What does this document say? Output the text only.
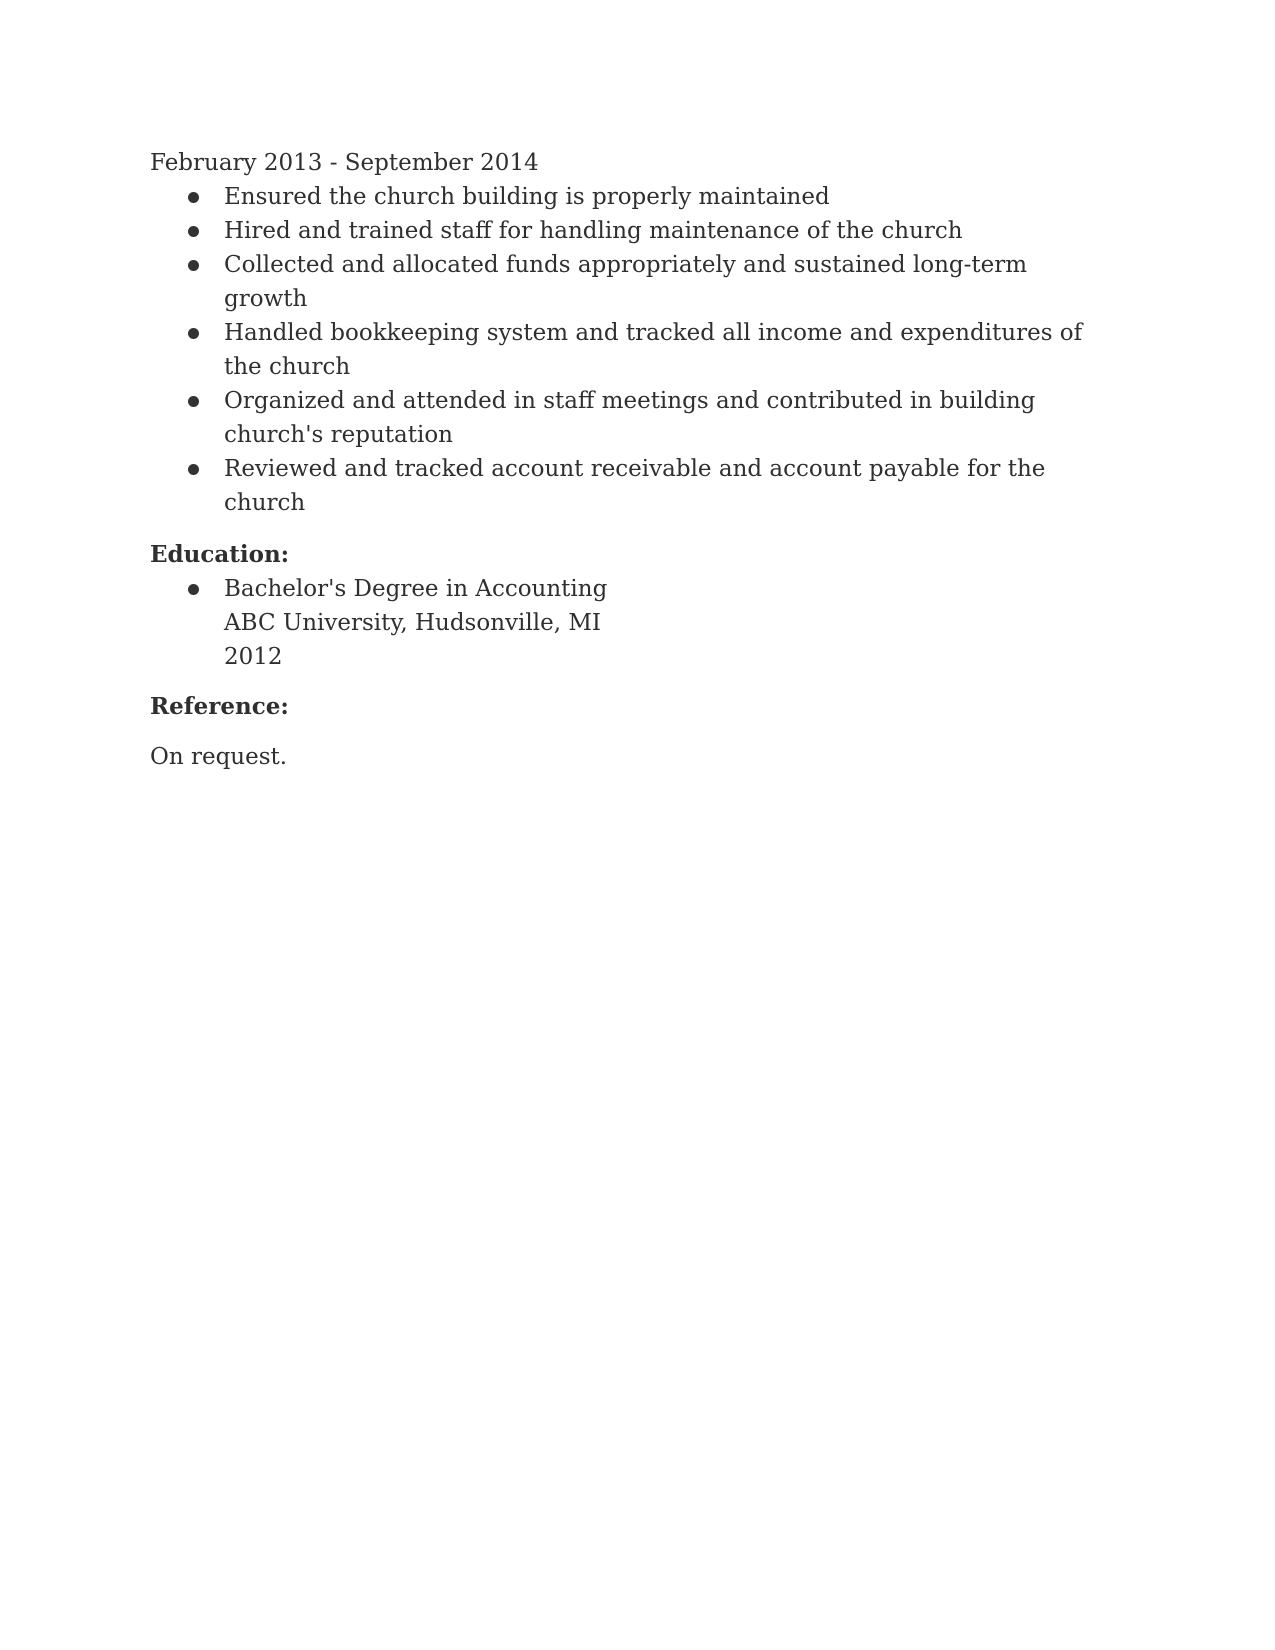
February 2013 - September 2014
Ensured the church building is properly maintained
Hired and trained staff for handling maintenance of the church
Collected and allocated funds appropriately and sustained long-term growth
Handled bookkeeping system and tracked all income and expenditures of the church
Organized and attended in staff meetings and contributed in building church's reputation
Reviewed and tracked account receivable and account payable for the church
Education:
Bachelor's Degree in Accounting
ABC University, Hudsonville, MI
2012
Reference:
On request.
